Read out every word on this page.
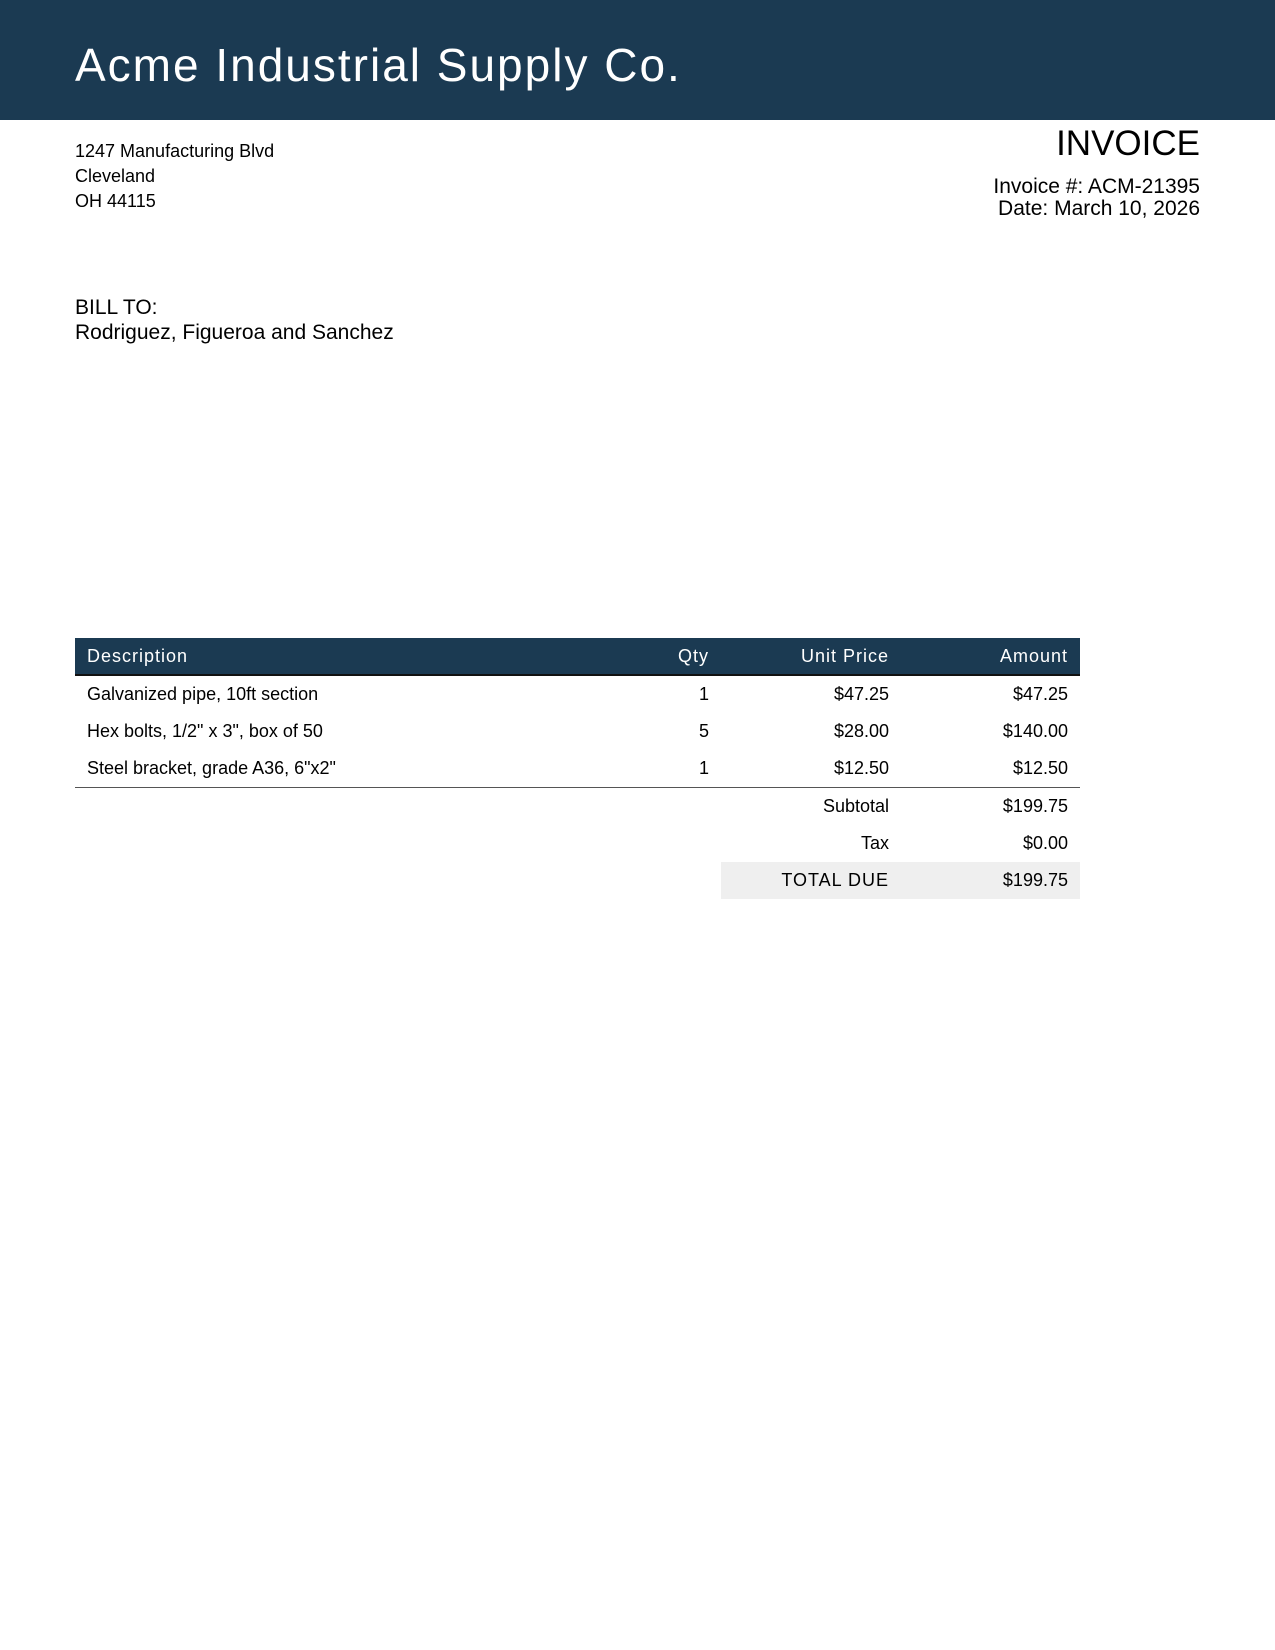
Acme Industrial Supply Co.
1247 Manufacturing Blvd
Cleveland
OH 44115
INVOICE
Invoice #: ACM-21395
Date: March 10, 2026
BILL TO:
Rodriguez, Figueroa and Sanchez
Description	Qty	Unit Price	Amount
Galvanized pipe, 10ft section	1	$47.25	$47.25
Hex bolts, 1/2" x 3", box of 50	5	$28.00	$140.00
Steel bracket, grade A36, 6"x2"	1	$12.50	$12.50
		Subtotal	$199.75
		Tax	$0.00
		TOTAL DUE	$199.75
